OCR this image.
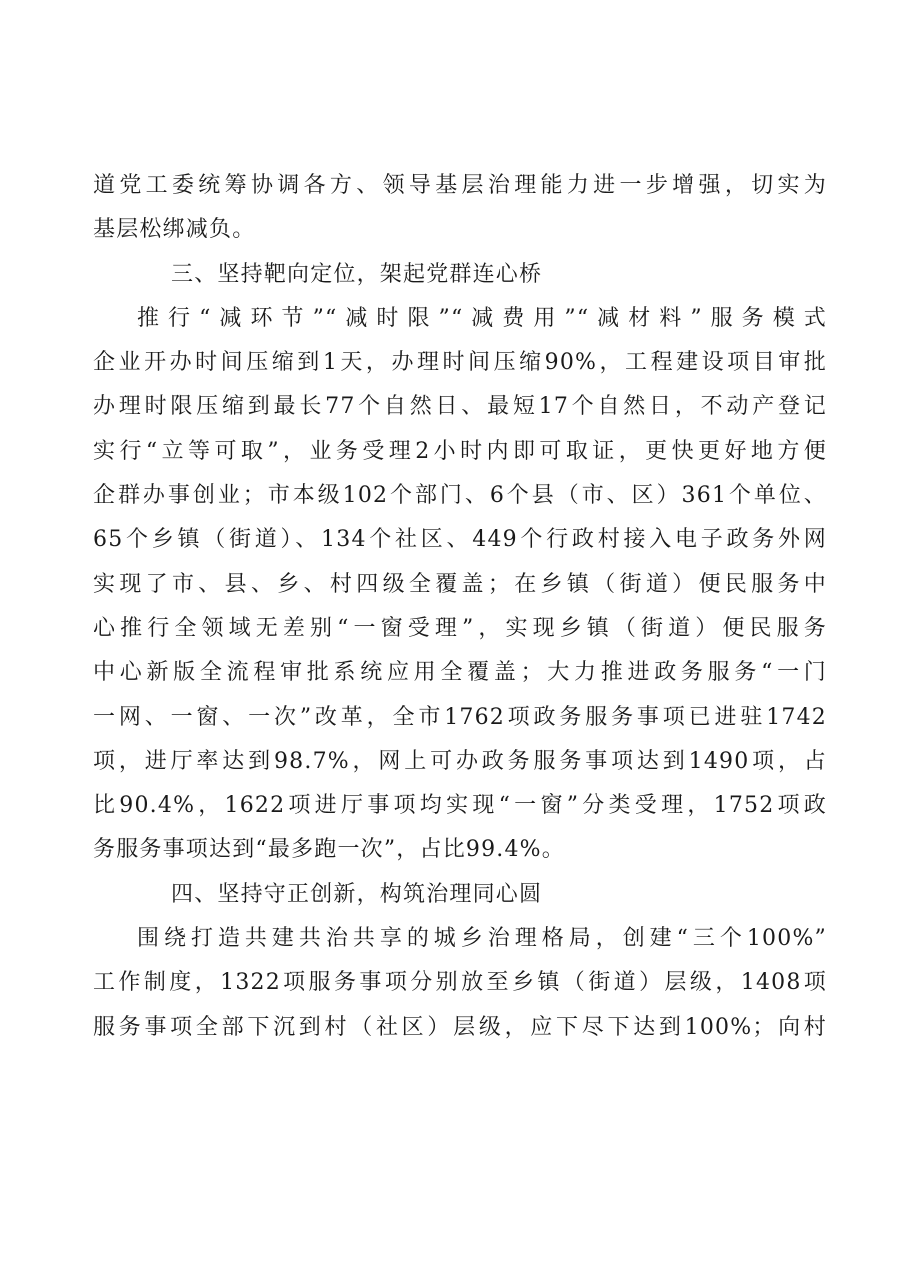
道党工委统筹协调各方、领导基层治理能力进一步增强，切实为
基层松绑减负。
三、坚持靶向定位，架起党群连心桥
推行“减环节”“减时限”“减费用”“减材料”服务模式
企业开办时间压缩到1天，办理时间压缩90%，工程建设项目审批
办理时限压缩到最长77个自然日、最短17个自然日，不动产登记
实行“立等可取”，业务受理2小时内即可取证，更快更好地方便
企群办事创业；市本级102个部门、6个县（市、区）361个单位、
65个乡镇（街道）、134个社区、449个行政村接入电子政务外网
实现了市、县、乡、村四级全覆盖；在乡镇（街道）便民服务中
心推行全领域无差别“一窗受理”，实现乡镇（街道）便民服务
中心新版全流程审批系统应用全覆盖；大力推进政务服务“一门
一网、一窗、一次”改革，全市1762项政务服务事项已进驻1742
项，进厅率达到98.7%，网上可办政务服务事项达到1490项，占
比90.4%，1622项进厅事项均实现“一窗”分类受理，1752项政
务服务事项达到“最多跑一次”，占比99.4%。
四、坚持守正创新，构筑治理同心圆
围绕打造共建共治共享的城乡治理格局，创建“三个100%”
工作制度，1322项服务事项分别放至乡镇（街道）层级，1408项
服务事项全部下沉到村（社区）层级，应下尽下达到100%；向村
